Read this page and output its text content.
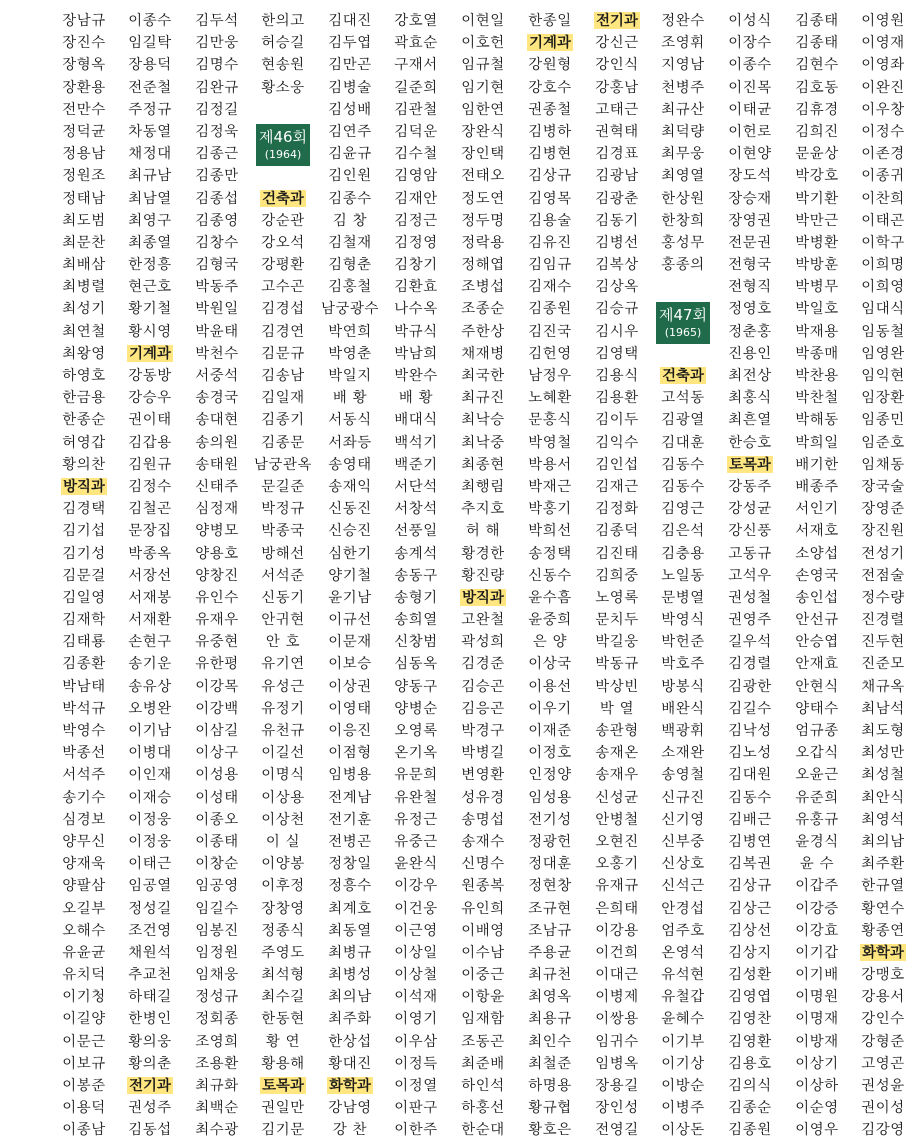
장남규
장진수
장형옥
장환용
전만수
정덕균
정용남
정원조
정태남
최도범
최문찬
최배삼
최병렬
최성기
최연철
최왕영
하영호
한금용
한종순
허영갑
황의찬
방직과
김경택
김기섭
김기성
김문걸
김일영
김재학
김태룡
김종환
박남태
박석규
박영수
박종선
서석주
송기수
심경보
양무신
양재욱
양팔삼
오길부
오해수
유윤균
유치덕
이기청
이길양
이문근
이보규
이봉준
이용덕
이종남
이종수
임길탁
장용덕
전준철
주정규
차동열
채정대
최규남
최남열
최영구
최종열
한정흥
현근호
황기철
황시영
기계과
강동방
강승우
권이태
김갑용
김원규
김정수
김철곤
문장집
박종옥
서장선
서재봉
서재환
손현구
송기운
송유상
오병완
이기남
이병대
이인재
이재승
이정웅
이정웅
이태근
임공열
정성길
조건영
채원석
추교천
하태길
한병인
황의웅
황의춘
전기과
권성주
김동섭
김두석
김만웅
김명수
김완규
김정길
김정욱
김종근
김종만
김종섭
김종영
김창수
김형국
박동주
박원일
박윤태
박천수
서중석
송경국
송대현
송의원
송태원
신태주
심정재
양병모
양용호
양창진
유인수
유재우
유중현
유한평
이강목
이강백
이삼길
이상구
이성용
이성태
이종오
이종태
이창순
임공영
임길수
임봉진
임정원
임채웅
정성규
정회종
조영희
조용환
최규화
최백순
최수광
한의고
허승길
현송원
황소웅
건축과
강순관
강오석
강평환
고수곤
김경섭
김경연
김문규
김송남
김일재
김종기
김종문
남궁관옥
문길준
박정규
박종국
방해선
서석준
신동기
안귀현
안 호
유기연
유성근
유정기
유천규
이길선
이명식
이상용
이상천
이 실
이양봉
이후정
장창영
정종식
주영도
최석형
최수길
한동현
황 연
황용해
토목과
권일만
김기문
김대진
김두엽
김만곤
김병술
김성배
김연주
김윤규
김인원
김종수
김 창
김철재
김형춘
김홍철
남궁광수
박연희
박영춘
박일지
배 황
서동식
서좌등
송영태
송재익
신동진
신승진
심한기
양기철
윤기남
이규선
이문재
이보승
이상권
이영태
이응진
이점형
임병용
전계남
전기훈
전병곤
정창일
정흥수
최계호
최동열
최병규
최병성
최의남
최주화
한상섭
황대진
화학과
강남영
강 찬
강호열
곽효순
구재서
길준희
김관철
김덕운
김수철
김영암
김재안
김정근
김정영
김창기
김환효
나수옥
박규식
박남희
박완수
배 황
배대식
백석기
백준기
서단석
서창석
선풍일
송계석
송동구
송형기
송희열
신창범
심동옥
양동구
양병순
오영록
온기옥
유문희
유완철
유정근
유중근
윤완식
이강우
이건웅
이근영
이상일
이상철
이석재
이영기
이우삼
이정득
이정열
이판구
이한주
이현일
이호헌
임규철
임기현
임한연
장완식
장인택
전태오
정도연
정두명
정락용
정해엽
조병섭
조종순
주한상
채재병
최국한
최규진
최낙승
최낙중
최종현
최행림
추지호
허 해
황경한
황진량
방직과
고완철
곽성희
김경준
김승곤
김응곤
박경구
박병길
변영환
성유경
송명섭
송재수
신명수
원종복
유인희
이배영
이수남
이중근
이항윤
임재함
조동곤
최준배
하인석
하홍선
한순대
한종일
기계과
강원형
강호수
권종철
김병하
김병현
김상규
김영목
김용술
김유진
김임규
김재수
김종원
김진국
김헌영
남정우
노혜환
문홍식
박영철
박용서
박재근
박홍기
박희선
송정택
신동수
윤수흠
윤중희
은 양
이상국
이용선
이우기
이재준
이정호
인정양
임성용
전기성
정광헌
정대훈
정현창
조규현
조남규
주용균
최규천
최영옥
최용규
최인수
최철준
하명용
황규협
황호은
전기과
강신근
강인식
강홍남
고태근
권혁태
김경표
김광남
김광춘
김동기
김병선
김복상
김상옥
김승규
김시우
김영택
김용식
김용환
김이두
김익수
김인섭
김재근
김정화
김종덕
김진태
김희중
노영록
문치두
박길웅
박동규
박상빈
박 열
송관형
송재온
송재우
신성균
안병철
오현진
오홍기
유재규
은희태
이강용
이건희
이대근
이병제
이쌍용
임귀수
임병옥
장용길
장인성
전영길
정완수
조영휘
지영남
천병주
최규산
최덕량
최무웅
최영열
한상원
한창희
홍성무
홍종의
건축과
고석동
김광열
김대훈
김동수
김동수
김영근
김은석
김충용
노일동
문병열
박영식
박헌준
박호주
방봉식
배완식
백광휘
소재완
송영철
신규진
신기영
신부중
신상호
신석근
안경섭
엄주호
온영석
유석현
유철갑
윤혜수
이기부
이기상
이방순
이병주
이상돈
이성식
이장수
이종수
이진목
이태균
이헌로
이현양
장도석
장승재
장영권
전문권
전형국
전형직
정영호
정춘홍
진용인
최전상
최홍식
최흔열
한승호
토목과
강동주
강성균
강신풍
고동규
고석우
권성철
권영주
길우석
김경렬
김광한
김길수
김낙성
김노성
김대원
김동수
김배근
김병연
김복권
김상규
김상근
김상선
김상지
김성환
김영엽
김영찬
김영환
김용호
김의식
김종순
김종원
김종태
김종태
김현수
김호동
김휴경
김희진
문윤상
박강호
박기환
박만근
박병환
박방훈
박병무
박일호
박재용
박종매
박찬용
박찬철
박해동
박희일
배기한
배종주
서인기
서재호
소양섭
손영국
송인섭
안선규
안승엽
안재효
안현식
양태수
엄규종
오갑식
오윤근
유준희
유홍규
윤경식
윤 수
이갑주
이강증
이강효
이기갑
이기배
이명원
이명재
이방재
이상기
이상하
이순영
이영우
이영원
이영재
이영좌
이완진
이우창
이정수
이존경
이종귀
이찬희
이태곤
이학구
이희명
이희영
임대식
임동철
임영완
임익현
임장환
임종민
임준호
임채동
장국술
장영준
장진원
전성기
전점술
정수량
진경렬
진두현
진준모
채규옥
최남석
최도형
최성만
최성철
최안식
최영석
최의남
최주환
한규열
황연수
황종연
화학과
강맹호
강용서
강인수
강형준
고영곤
권성윤
권이성
김강영
제46회
(1964)
제47회
(1965)
